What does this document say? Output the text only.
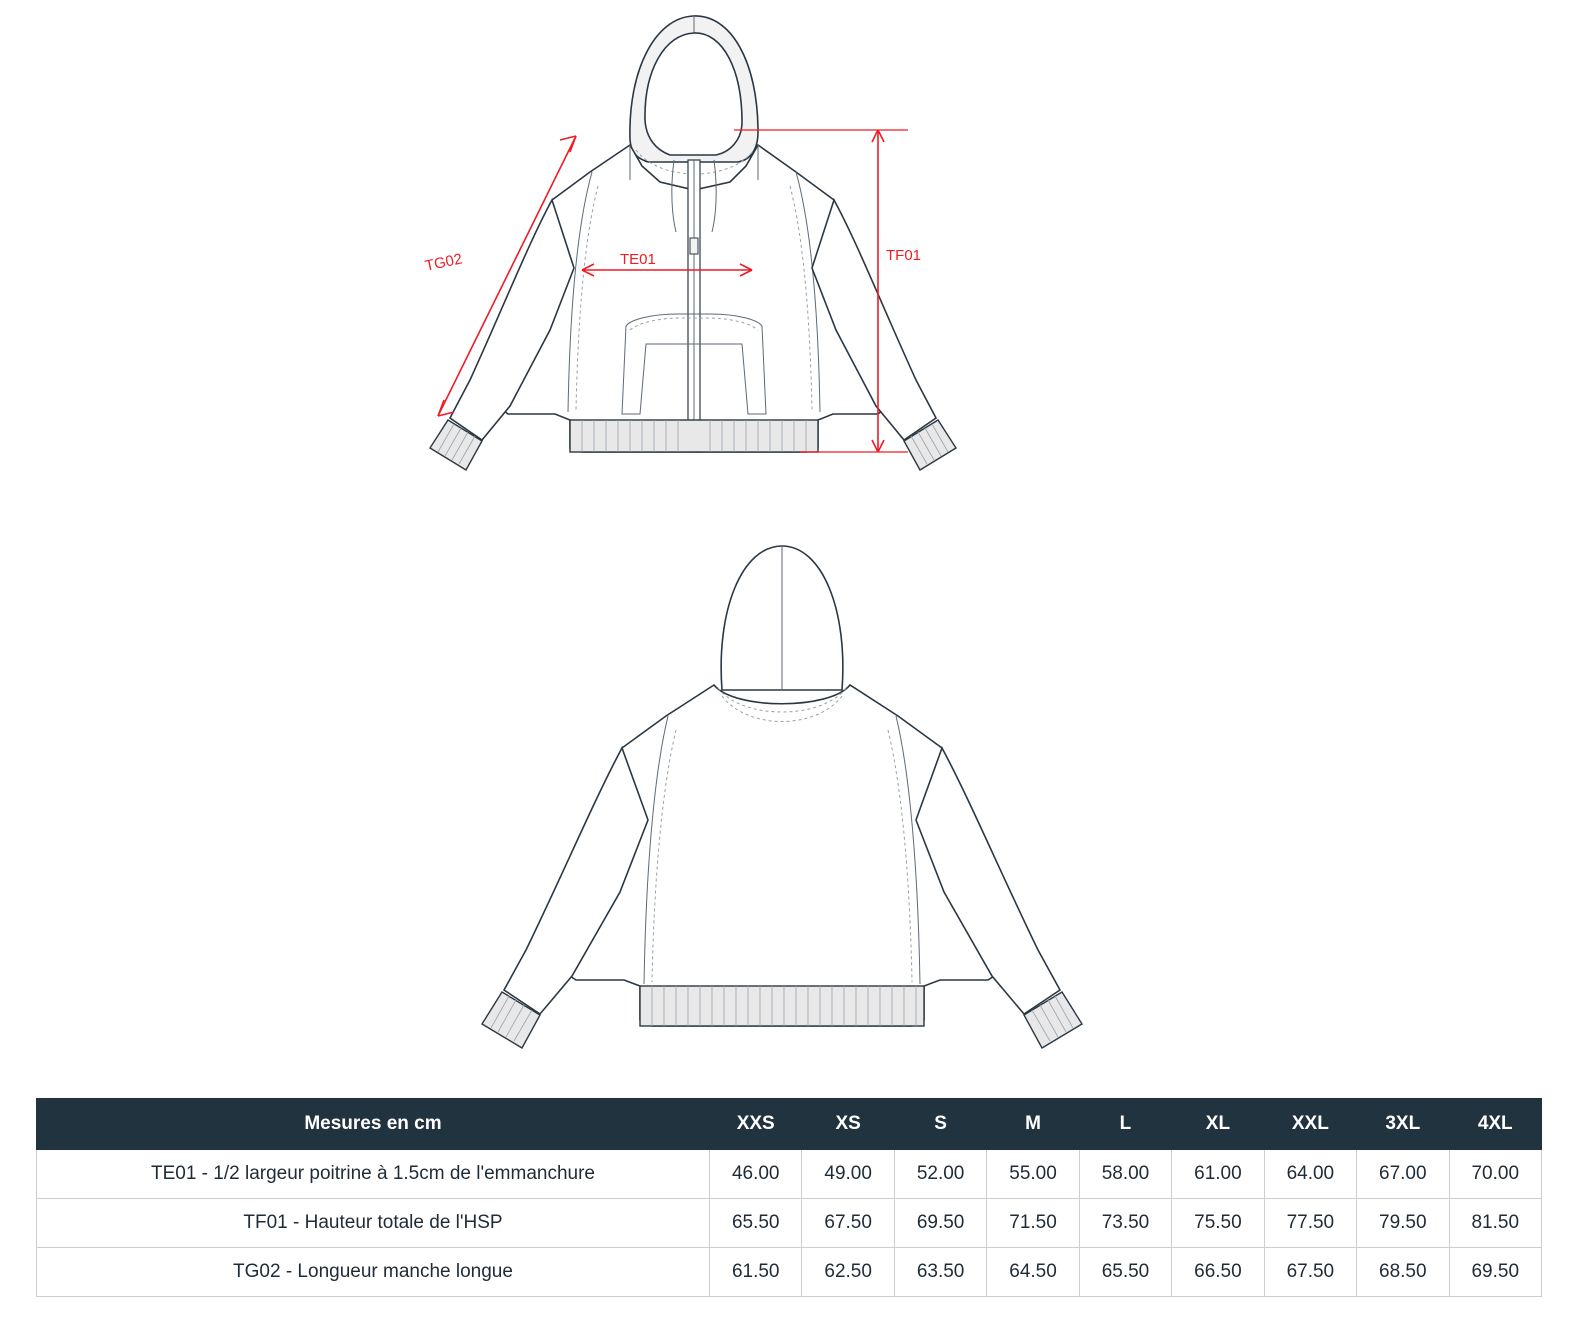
TE01	TF01
TG02
Mesures en cm	XXS	XS	S	M	L	XL	XXL	3XL	4XL
TE01 - 1/2 largeur poitrine à 1.5cm de l'emmanchure	46.00	49.00	52.00	55.00	58.00	61.00	64.00	67.00	70.00
TF01 - Hauteur totale de l'HSP	65.50	67.50	69.50	71.50	73.50	75.50	77.50	79.50	81.50
TG02 - Longueur manche longue	61.50	62.50	63.50	64.50	65.50	66.50	67.50	68.50	69.50
